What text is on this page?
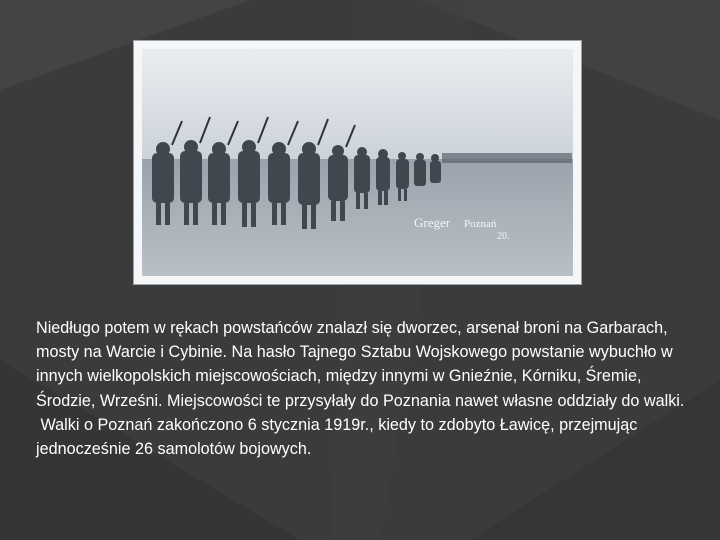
Greger Poznań
20.

Niedługo potem w rękach powstańców znalazł się dworzec, arsenał broni na Garbarach, mosty na Warcie i Cybinie. Na hasło Tajnego Sztabu Wojskowego powstanie wybuchło w innych wielkopolskich miejscowościach, między innymi w Gnieźnie, Kórniku, Śremie, Środzie, Wrześni. Miejscowości te przysyłały do Poznania nawet własne oddziały do walki.

Walki o Poznań zakończono 6 stycznia 1919r., kiedy to zdobyto Ławicę, przejmując jednocześnie 26 samolotów bojowych.
